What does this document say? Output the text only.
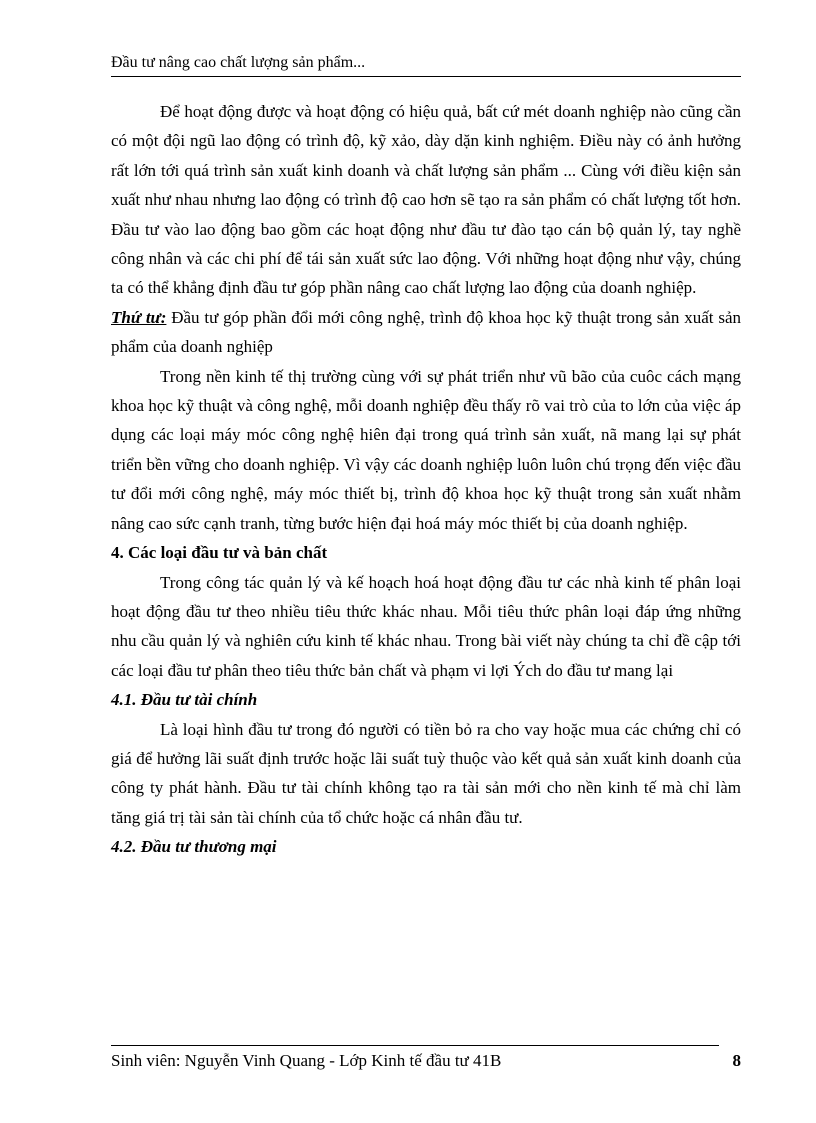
Đầu tư nâng cao chất lượng sản phẩm...

Để hoạt động được và hoạt động có hiệu quả, bất cứ mét doanh nghiệp nào cũng cần có một đội ngũ lao động có trình độ, kỹ xảo, dày dặn kinh nghiệm. Điều này có ảnh hưởng rất lớn tới quá trình sản xuất kinh doanh và chất lượng sản phẩm ... Cùng với điều kiện sản xuất như nhau nhưng lao động có trình độ cao hơn sẽ tạo ra sản phẩm có chất lượng tốt hơn. Đầu tư vào lao động bao gồm các hoạt động như đầu tư đào tạo cán bộ quản lý, tay nghề công nhân và các chi phí để tái sản xuất sức lao động. Với những hoạt động như vậy, chúng ta có thể khẳng định đầu tư góp phần nâng cao chất lượng lao động của doanh nghiệp.

Thứ tư: Đầu tư góp phần đổi mới công nghệ, trình độ khoa học kỹ thuật trong sản xuất sản phẩm của doanh nghiệp

Trong nền kinh tế thị trường cùng với sự phát triển như vũ bão của cuôc cách mạng khoa học kỹ thuật và công nghệ, mỗi doanh nghiệp đều thấy rõ vai trò của to lớn của việc áp dụng các loại máy móc công nghệ hiên đại trong quá trình sản xuất, nã mang lại sự phát triển bền vững cho doanh nghiệp. Vì vậy các doanh nghiệp luôn luôn chú trọng đến việc đầu tư đổi mới công nghệ, máy móc thiết bị, trình độ khoa học kỹ thuật trong sản xuất nhằm nâng cao sức cạnh tranh, từng bước hiện đại hoá máy móc thiết bị của doanh nghiệp.

4. Các loại đầu tư và bản chất

Trong công tác quản lý và kế hoạch hoá hoạt động đầu tư các nhà kinh tế phân loại hoạt động đầu tư theo nhiều tiêu thức khác nhau. Mỗi tiêu thức phân loại đáp ứng những nhu cầu quản lý và nghiên cứu kinh tế khác nhau. Trong bài viết này chúng ta chỉ đề cập tới các loại đầu tư phân theo tiêu thức bản chất và phạm vi lợi Ých do đầu tư mang lại

4.1. Đầu tư tài chính

Là loại hình đầu tư trong đó người có tiền bỏ ra cho vay hoặc mua các chứng chỉ có giá để hưởng lãi suất định trước hoặc lãi suất tuỳ thuộc vào kết quả sản xuất kinh doanh của công ty phát hành. Đầu tư tài chính không tạo ra tài sản mới cho nền kinh tế mà chỉ làm tăng giá trị tài sản tài chính của tổ chức hoặc cá nhân đầu tư.

4.2. Đầu tư thương mại

Sinh viên: Nguyễn Vinh Quang - Lớp Kinh tế đầu tư 41B	8
